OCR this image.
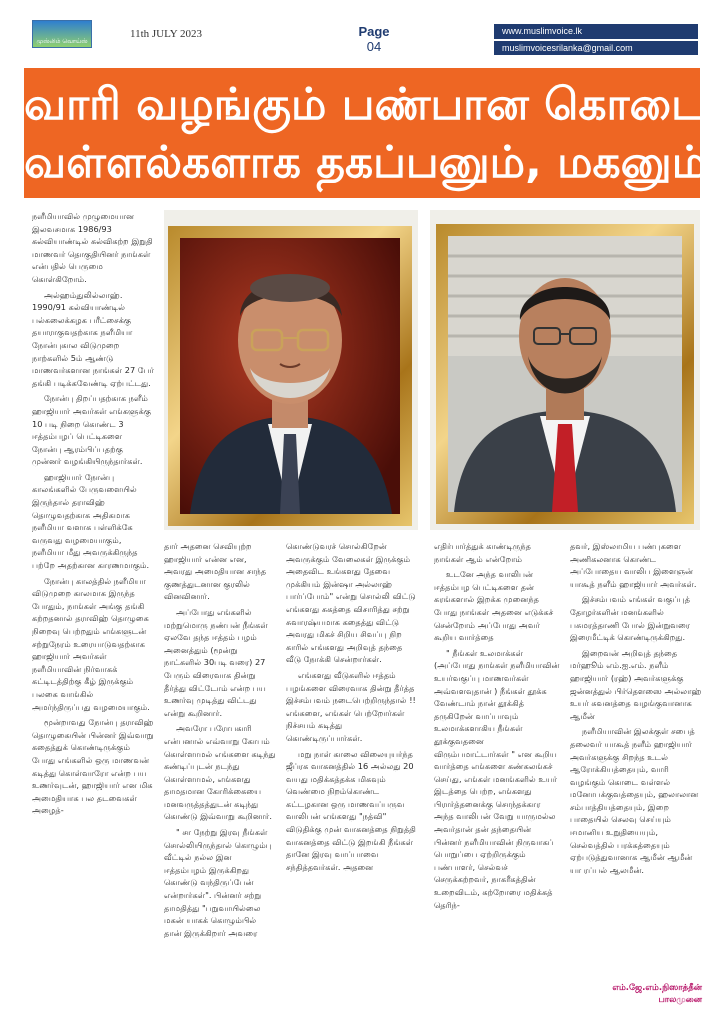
முஸ்லிம் வொய்ஸ்
11th JULY 2023	Page
04
www.muslimvoice.lk
muslimvoicesrilanka@gmail.com
வாரி வழங்கும் பண்பான கொடை
வள்ளல்களாக தகப்பனும், மகனும்

நளீமியாவில் முழுமையான இலவசமாக 1986/93 கல்வியாண்டில் கல்விகற்ற இறுதி மாணவர் தொகுதியினர் நாங்கள் என்பதில் பெருமை கொள்கிறோம்.

அல்ஹம்துலில்லாஹ். 1990/91 கல்வியாண்டில் பல்கலைக்கழக பரீட்சைக்கு தயாராகுவதற்காக நளீமியா நோன்புகால விடுமுறை நாற்களில் 5ம் ஆண்டு மாணவர்களான நாங்கள் 27 பேர் தங்கி படிக்கவேண்டி ஏற்பட்டது.

நோன்பு திறப்பதற்காக நளீம் ஹாஜியார் அவர்கள் எங்களுக்கு 10 படி நிறை கொண்ட 3 ஈத்தம்பழப் பெட்டிகளை நோன்பு ஆரம்பிப்பதற்கு முன்னர் வழங்கியிருந்தார்கள்.

ஹாஜியார் நோன்பு காலங்களில் பேருவளையில் இருந்தால் தராவிஹ் தொழுவதற்காக அதிகமாக நளீமியா வளாக பள்ளிக்கே வருவது வழமையாகும், நளீமியா மீது அவருக்கிருந்த பற்றே அதற்கான காரணமாகும்.

நோன்பு காலத்தில் நளீமியா விடுமுறை காலமாக இருந்த போதும், நாங்கள் அங்கு தங்கி கற்றதனால் தராவிஹ் தொழுகை நிறைவு பெற்றதும் எங்களுடன் சற்றுநேரம் உரையாடுவதற்காக ஹாஜியார் அவர்கள் நளீமியாவின் நிர்வாகக் கட்டிடத்திற்கு கீழ் இருக்கும் பலகை வாங்கில் அமர்ந்திருப்பது வழமையாகும்.

மூன்றாவது நோன்பு தராவிஹ் தொழுகையின் பின்னர் இவ்வாறு கதைத்துக் கொண்டிருக்கும் போது எங்களில் ஒரு மாணவன் கடித்து கொள்வாரோ என்ற பய உணர்வுடன், ஹாஜியார் என மிக அமைதியாக பல தடவைகள் அழைத்-

தார் அதனை செவியுற்ற ஹாஜியார் என்ன என, அவரது அமைதியான சாந்த குணத்துடனான குரலில் வினவினார்.

அப்போது எங்களில் மற்றுமொரு நண்பன் நீங்கள் ஏலவே தந்த ஈத்தம் பழம் அனைத்தும் (மூன்று நாட்களில் 30படி வரை) 27 பேரும் விரைவாக தின்று தீர்த்து விட்டோம் என்ற பய உணர்வு முடித்து விட்டது என்று கூறினார்.

அவரோ பரோபகாரி என்பனால் எவ்வாறு கோபம் கொள்ளாமல் எங்களை கடிந்து கண்டிப்புடன் நடந்து கொள்ளாமல், எங்களது தாமதமான கோரிக்கையை மனவருத்தத்துடன் கடிந்து கொண்டு இவ்வாறு கூறினார்.

" சா நேற்று இரவு நீங்கள் சொல்லியிருந்தால் கொழும்பு வீட்டில் நல்ல இன ஈத்தம்பழம் இருக்கிறது கொண்டு வந்திருப்பேன் என்றார்கள்". பின்னர் சற்று தாமதித்து "பறுவாயில்லை மகன் யாகக் கொழும்பில் தான் இருக்கிறார் அவரை

கொண்டுவரச் சொல்கிறேன் அவருக்கும் வேலைகள் இருக்கும் அதைவிட உங்களது தேவை முக்கியம் இன்ஷா அல்லாஹ் பார்ப்போம்" என்று சொல்லி விட்டு எங்களது சுகத்தை விசாரித்து சற்று சுவாரஷ்யமாக கதைத்து விட்டு அவரது மிகச் சிறிய சிவப்பு நிற காரில் எங்களது அறிவுத் தந்தை வீடு நோக்கி சென்றார்கள்.

எங்களது வீடுகளில் ஈத்தம் பழங்களை விரைவாக தின்று தீர்த்த இச்சம்பவம் நடைபெற்றிருந்தால் !! எங்களை, எங்கள் பெற்றோர்கள் நிச்சயம் கடித்து கொண்டிருப்பார்கள்.

மறு நாள் காலை விலையுயர்ந்த ஜீப்ரக வாகனத்தில் 16 அல்லது 20 வயது மதிக்கத்தக்க மிகவும் வெண்மை நிறம்கொண்ட கட்டழகான ஒரு மாணவப்பருவ வாலிபன் எங்களது "நத்வி" விடுதிக்கு முன் வாகனத்தை நிறுத்தி வாகனத்தை விட்டு இறங்கி நீங்கள் தானே இரவு வாப்பாவை சந்தித்தவர்கள். அதனை

எதிர்பார்த்துக் காண்டிருந்த நாங்கள் ஆம் என்றோம்

உடனே அந்த வாலிபன் ஈத்தம்பழ பெட்டிகளை தன் கரங்களால் இறக்க முனைந்த போது நாங்கள் அதனை எடுக்கச் சென்றோம் அப்போது அவர் கூறிய வார்த்தை

" நீங்கள் உலமாக்கள் (அப்போது நாங்கள் நளீமியாவின் உயர்வகுப்பு மாணவர்கள் அவ்வளவுதான் ) நீங்கள் தூக்க வேண்டாம் நான் தூக்கித் தருகிறேன் வாப்பாவும் உலமாக்களாகிய நீங்கள் தூக்குவதனை விரும்பமாட்டார்கள் " என கூறிய வார்த்தை எங்களை கண்கலங்கச் செய்து, எங்கள் மனங்களில் உயர் இடத்தை பெற்ற, எங்களது பிரார்த்தனைக்கு சொந்தக்கார அந்த வாலிபன் வேறு யாருமல்ல அவர்தான் தன் தந்தையின் பின்னர் நளீமியாவின் நிருவாகப் பொறுப்பை ஏற்றிருக்கும் பண்பாளர், செல்வச் செருக்கற்றவர், நாகரீகத்தின் உறைவிடம், கற்றோரை மதிக்கத் தெரிந்-

தவர், இஸ்லாமிய பண்புகளை அணிகலனாக கொண்ட அப்போதைய வாலிப இளைஞன் யாகூத் நளீம் ஹாஜியார் அவர்கள்.

இச்சம்பவம் எங்கள் வகுப்புத் தோழர்களின் மனங்களில் பசுமரத்தாணி போல் இன்றுவரை இரைமீட்டிக் கொண்டிருக்கிறது.

இறைவன் அறிவுத் தந்தை மர்ஹூம் எம்.ஐ.எம். நளீம் ஹாஜியார் (ரஹ்) அவர்களுக்கு ஜன்னத்துல் பிர்தௌஸை அல்லாஹ் உயர் சுவனத்தை வழங்குவானாக ஆமீன்

நளீமியாவின் இலக்குள் சபைத் தலைவர் யாகூத் நளீம் ஹாஜியார் அவர்களுக்கு சிறந்த உடல் ஆரோக்கியத்தையும், வாரி வழங்கும் கொடை வள்ளல் மனோபக்குவத்தையும், ஹலாலான சம்பாத்தியத்தையும், இறை பாதையில் செலவு செய்யும் ஈமானிய உறுதியையும், செல்வத்தில் பரக்கத்தையும் ஏற்படுத்துவானாக ஆமீன் ஆமீன் யா ரப்பல் ஆலமீன்.

எம்.ஜே.எம்.நிஸாத்தீன்
பாலமுனை
